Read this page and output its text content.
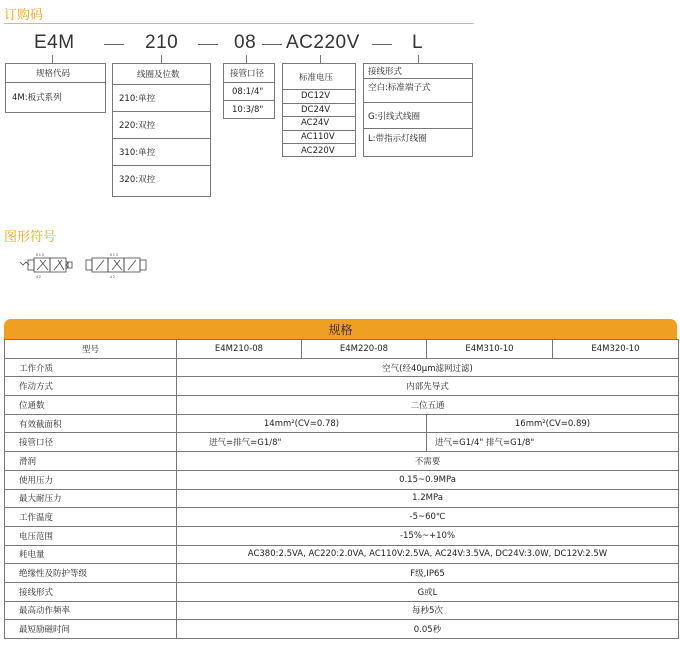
订购码
E4M	210	08 AC220V	L
规格代码
4M:板式系列
线圈及位数
210:单控
220:双控
310:单控
320:双控
接管口径
08:1/4"
10:3/8"
标准电压
DC12V
DC24V
AC24V
AC110V
AC220V
接线形式
空白:标准端子式
G:引线式线圈
L:带指示灯线圈
图形符号
4 2
5 1 3
4 2
5 1 3
规格
型号	E4M210-08	E4M220-08	E4M310-10	E4M320-10
工作介质	空气(经40μm滤网过滤)			
作动方式	内部先导式			
位通数	二位五通			
有效截面积	14mm²(CV=0.78)		16mm²(CV=0.89)	
接管口径	进气=排气=G1/8"		进气=G1/4" 排气=G1/8"	
滑润	不需要			
使用压力	0.15~0.9MPa			
最大耐压力	1.2MPa			
工作温度	-5~60℃			
电压范围	-15%~+10%			
耗电量	AC380:2.5VA, AC220:2.0VA, AC110V:2.5VA, AC24V:3.5VA, DC24V:3.0W, DC12V:2.5W			
绝缘性及防护等级	F级,IP65			
接线形式	G或L			
最高动作频率	每秒5次			
最短励磁时间	0.05秒			
